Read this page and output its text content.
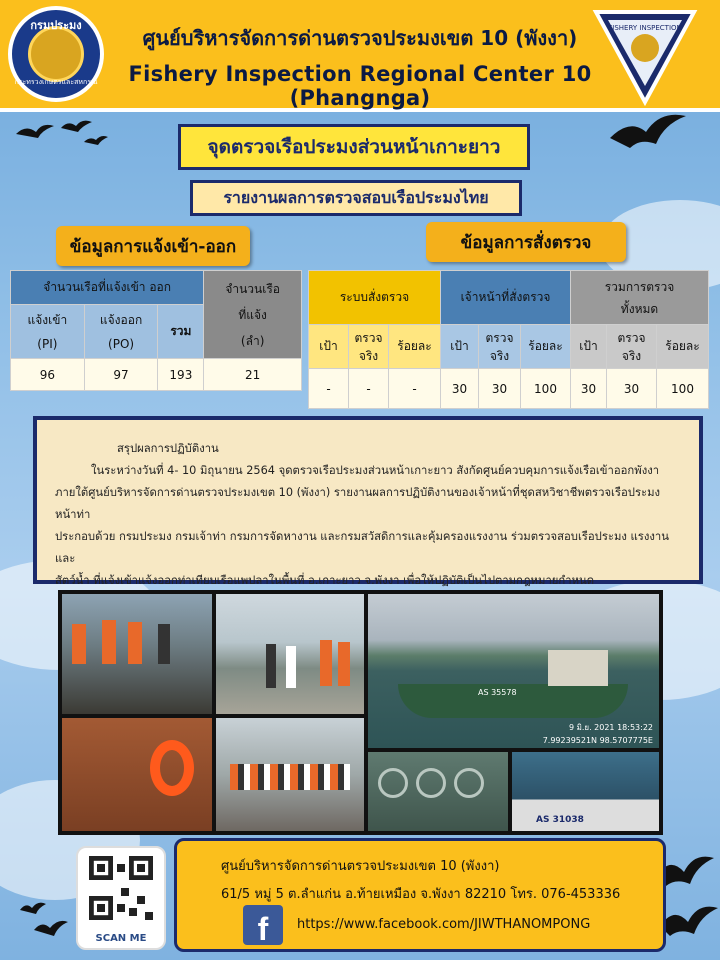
กรมประมง
กระทรวงเกษตรและสหกรณ์
ศูนย์บริหารจัดการด่านตรวจประมงเขต 10 (พังงา)
Fishery Inspection Regional Center 10 (Phangnga)
FISHERY INSPECTION
จุดตรวจเรือประมงส่วนหน้าเกาะยาว
รายงานผลการตรวจสอบเรือประมงไทย
ข้อมูลการแจ้งเข้า-ออก	ข้อมูลการสั่งตรวจ
จำนวนเรือที่แจ้งเข้า ออก			จำนวนเรือ
ที่แจ้ง
(ลำ)
แจ้งเข้า
(PI)	แจ้งออก
(PO)	รวม	
96	97	193	21
ระบบสั่งตรวจ			เจ้าหน้าที่สั่งตรวจ			รวมการตรวจ
ทั้งหมด		
เป้า	ตรวจ
จริง	ร้อยละ	เป้า	ตรวจ
จริง	ร้อยละ	เป้า	ตรวจ
จริง	ร้อยละ
-	-	-	30	30	100	30	30	100
สรุปผลการปฏิบัติงาน
ในระหว่างวันที่ 4- 10 มิถุนายน 2564 จุดตรวจเรือประมงส่วนหน้าเกาะยาว สังกัดศูนย์ควบคุมการแจ้งเรือเข้าออกพังงา
ภายใต้ศูนย์บริหารจัดการด่านตรวจประมงเขต 10 (พังงา) รายงานผลการปฏิบัติงานของเจ้าหน้าที่ชุดสหวิชาชีพตรวจเรือประมงหน้าท่า
ประกอบด้วย กรมประมง กรมเจ้าท่า กรมการจัดหางาน และกรมสวัสดิการและคุ้มครองแรงงาน ร่วมตรวจสอบเรือประมง แรงงาน และ
สัตว์น้ำ ที่แจ้งเข้าแจ้งออกท่าเทียบเรือแพปลาในพื้นที่ อ.เกาะยาว จ.พังงา เพื่อให้ปฏิบัติเป็นไปตามกฎหมายกำหนด
AS 35578
9 มิ.ย. 2021 18:53:22
7.99239521N 98.5707775E
AS 31038
SCAN ME
ศูนย์บริหารจัดการด่านตรวจประมงเขต 10 (พังงา)
61/5 หมู่ 5 ต.ลำแก่น อ.ท้ายเหมือง จ.พังงา 82210 โทร. 076-453336
f	https://www.facebook.com/JIWTHANOMPONG
